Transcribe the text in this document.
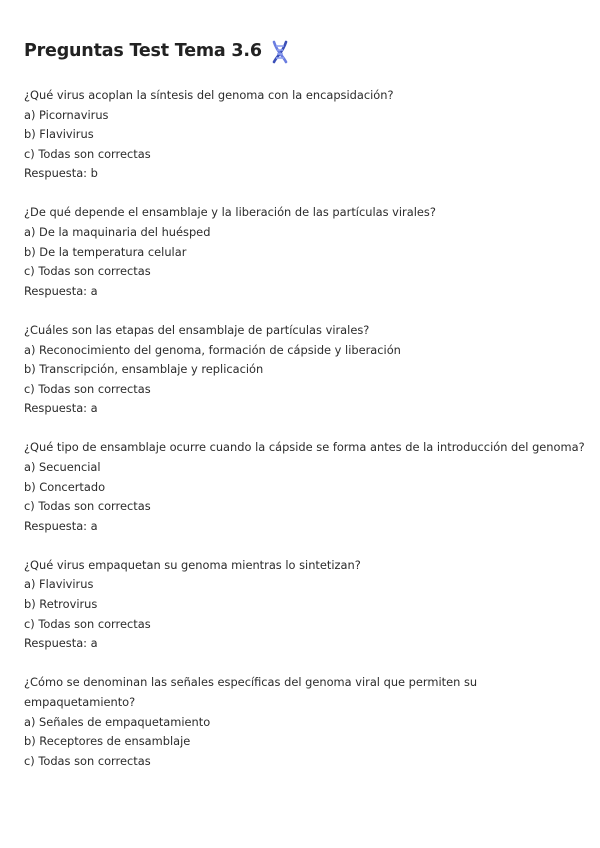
Preguntas Test Tema 3.6
¿Qué virus acoplan la síntesis del genoma con la encapsidación?
a) Picornavirus
b) Flavivirus
c) Todas son correctas
Respuesta: b
¿De qué depende el ensamblaje y la liberación de las partículas virales?
a) De la maquinaria del huésped
b) De la temperatura celular
c) Todas son correctas
Respuesta: a
¿Cuáles son las etapas del ensamblaje de partículas virales?
a) Reconocimiento del genoma, formación de cápside y liberación
b) Transcripción, ensamblaje y replicación
c) Todas son correctas
Respuesta: a
¿Qué tipo de ensamblaje ocurre cuando la cápside se forma antes de la introducción del genoma?
a) Secuencial
b) Concertado
c) Todas son correctas
Respuesta: a
¿Qué virus empaquetan su genoma mientras lo sintetizan?
a) Flavivirus
b) Retrovirus
c) Todas son correctas
Respuesta: a
¿Cómo se denominan las señales específicas del genoma viral que permiten su empaquetamiento?
a) Señales de empaquetamiento
b) Receptores de ensamblaje
c) Todas son correctas
